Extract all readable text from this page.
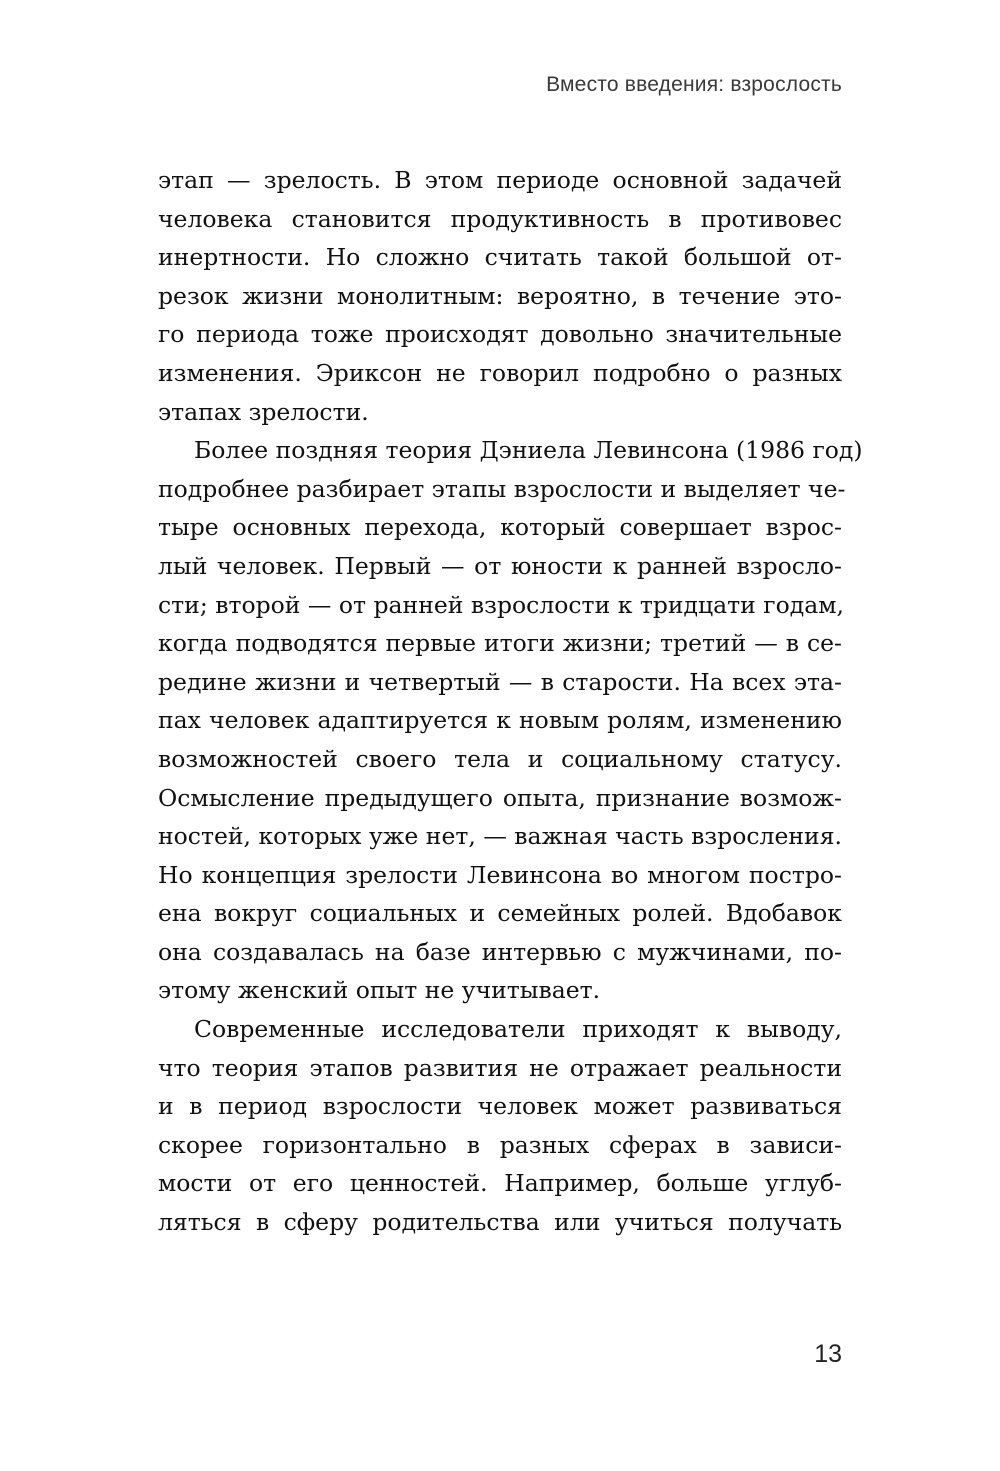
Вместо введения: взрослость
этап — зрелость. В этом периоде основной задачей
человека становится продуктивность в противовес
инертности. Но сложно считать такой большой от-
резок жизни монолитным: вероятно, в течение это-
го периода тоже происходят довольно значительные
изменения. Эриксон не говорил подробно о разных
этапах зрелости.
Более поздняя теория Дэниела Левинсона (1986 год)
подробнее разбирает этапы взрослости и выделяет че-
тыре основных перехода, который совершает взрос-
лый человек. Первый — от юности к ранней взросло-
сти; второй — от ранней взрослости к тридцати годам,
когда подводятся первые итоги жизни; третий — в се-
редине жизни и четвертый — в старости. На всех эта-
пах человек адаптируется к новым ролям, изменению
возможностей своего тела и социальному статусу.
Осмысление предыдущего опыта, признание возмож-
ностей, которых уже нет, — важная часть взросления.
Но концепция зрелости Левинсона во многом постро-
ена вокруг социальных и семейных ролей. Вдобавок
она создавалась на базе интервью с мужчинами, по-
этому женский опыт не учитывает.
Современные исследователи приходят к выводу,
что теория этапов развития не отражает реальности
и в период взрослости человек может развиваться
скорее горизонтально в разных сферах в зависи-
мости от его ценностей. Например, больше углуб-
ляться в сферу родительства или учиться получать
13
